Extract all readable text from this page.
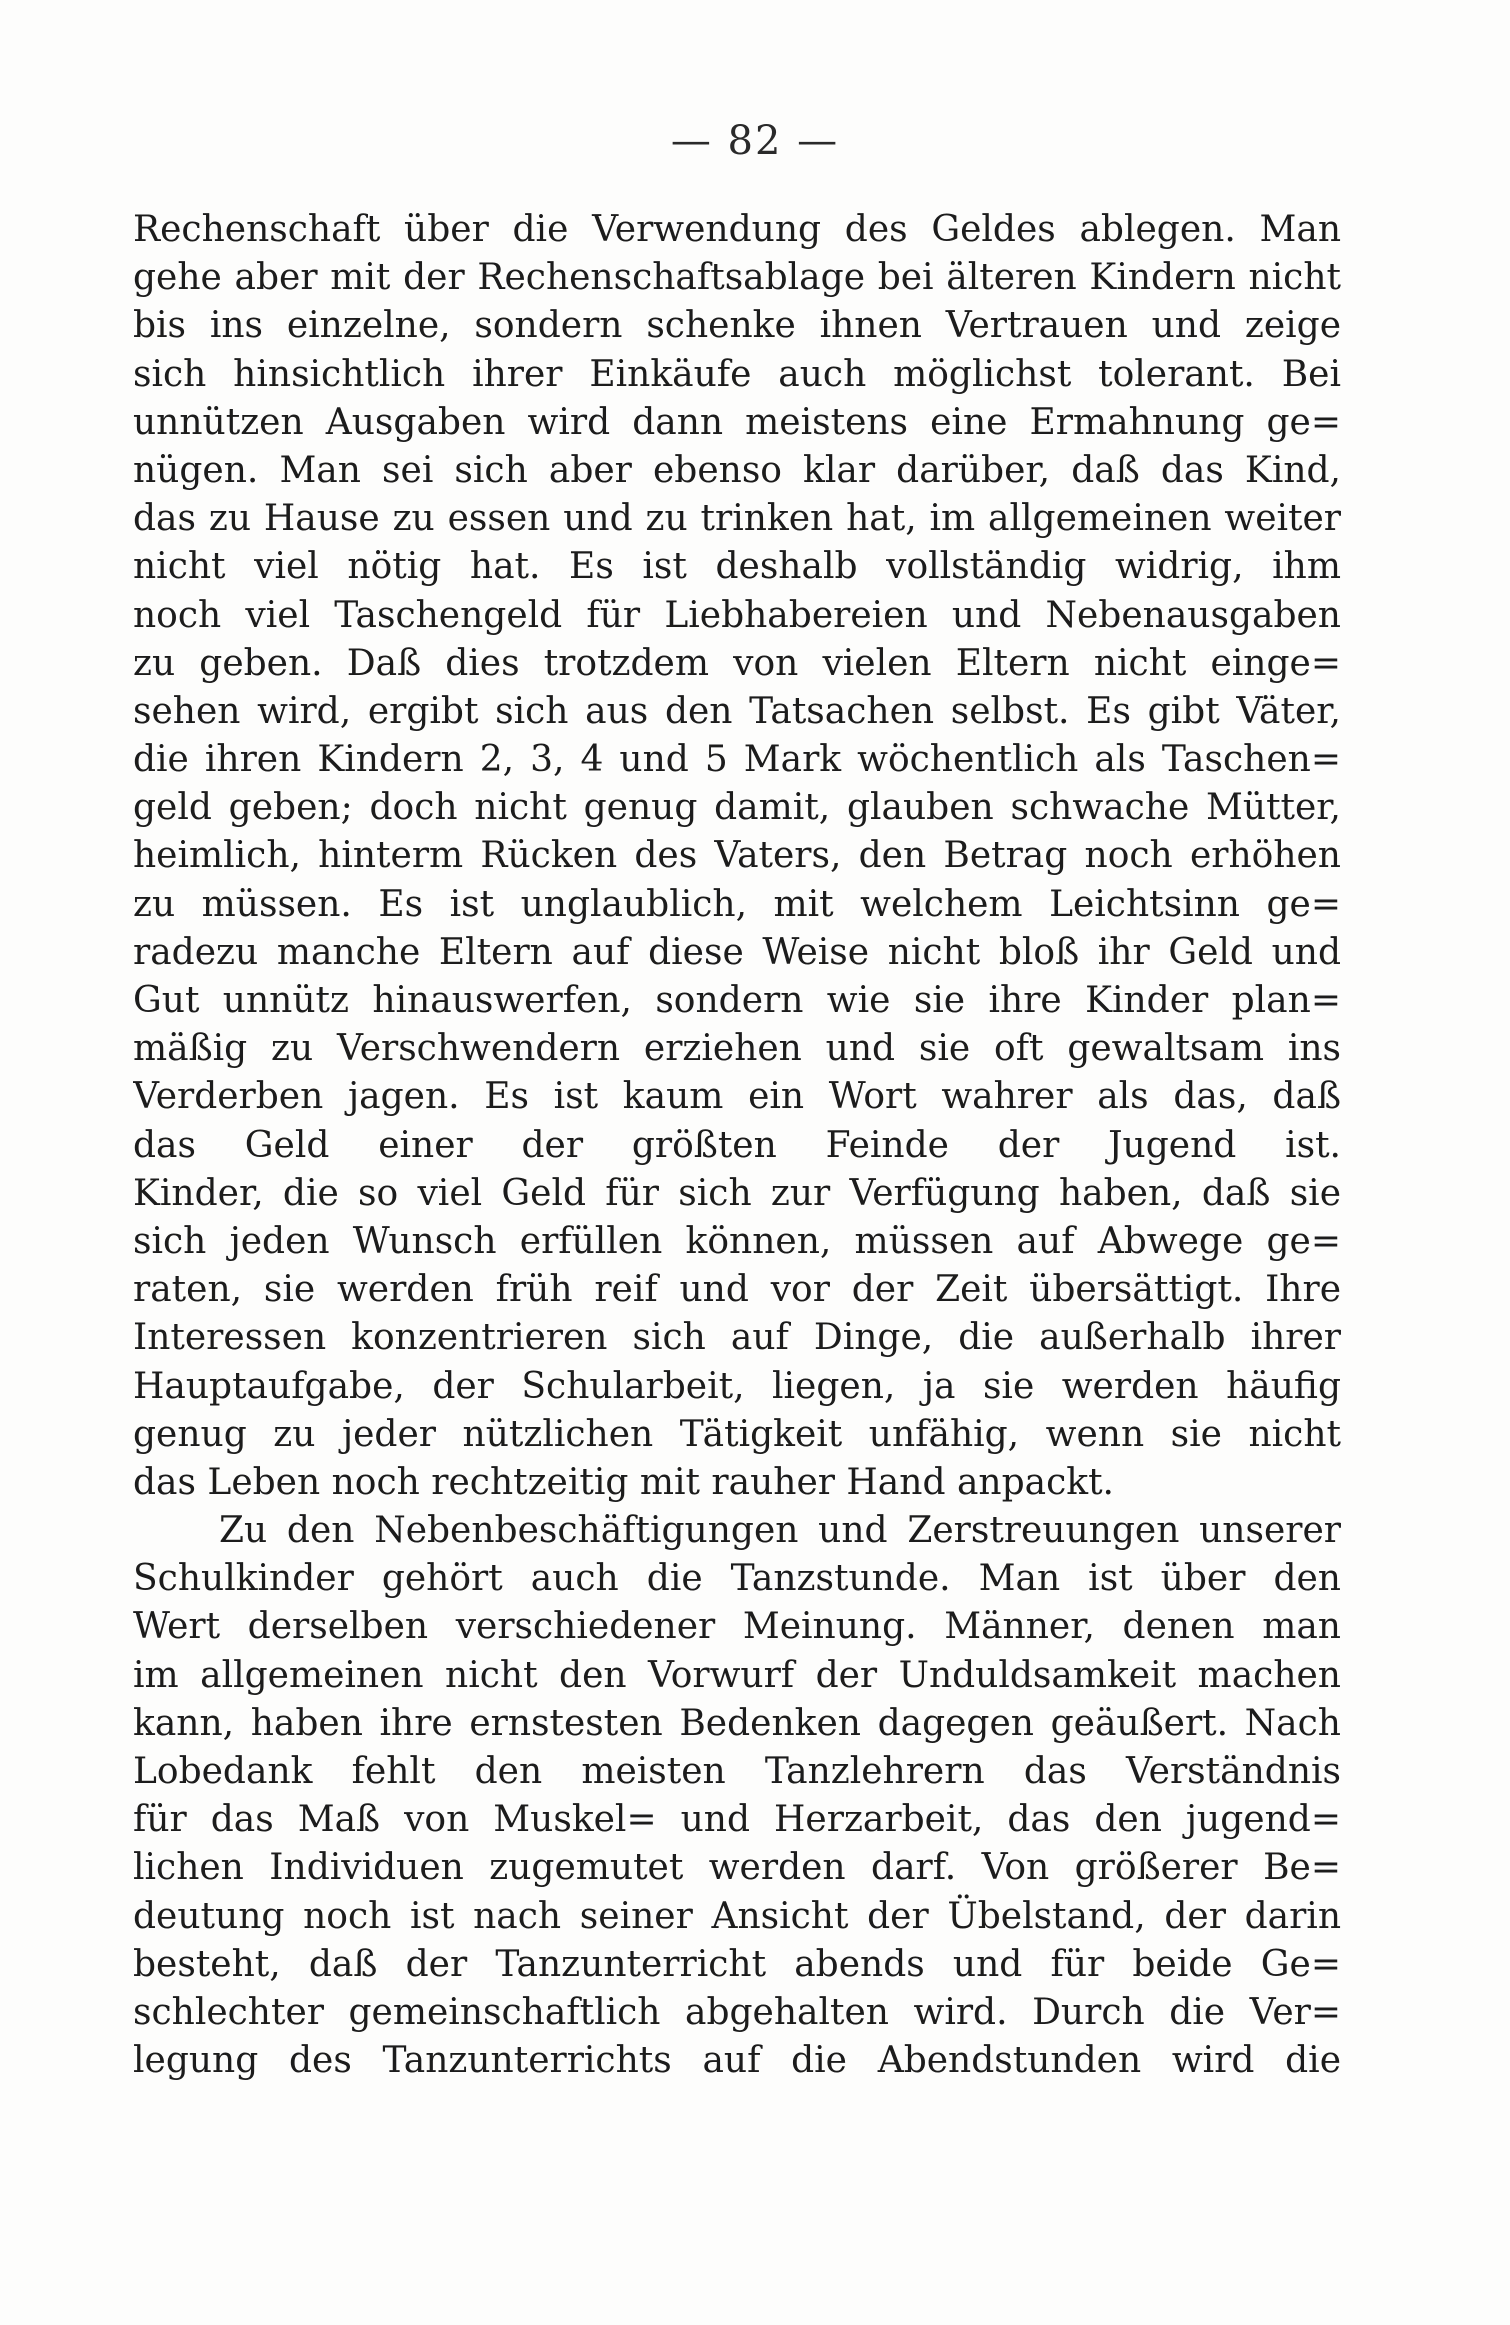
— 82 —
Rechenschaft über die Verwendung des Geldes ablegen. Man
gehe aber mit der Rechenschaftsablage bei älteren Kindern nicht
bis ins einzelne, sondern schenke ihnen Vertrauen und zeige
sich hinsichtlich ihrer Einkäufe auch möglichst tolerant. Bei
unnützen Ausgaben wird dann meistens eine Ermahnung ge=
nügen. Man sei sich aber ebenso klar darüber, daß das Kind,
das zu Hause zu essen und zu trinken hat, im allgemeinen weiter
nicht viel nötig hat. Es ist deshalb vollständig widrig, ihm
noch viel Taschengeld für Liebhabereien und Nebenausgaben
zu geben. Daß dies trotzdem von vielen Eltern nicht einge=
sehen wird, ergibt sich aus den Tatsachen selbst. Es gibt Väter,
die ihren Kindern 2, 3, 4 und 5 Mark wöchentlich als Taschen=
geld geben; doch nicht genug damit, glauben schwache Mütter,
heimlich, hinterm Rücken des Vaters, den Betrag noch erhöhen
zu müssen. Es ist unglaublich, mit welchem Leichtsinn ge=
radezu manche Eltern auf diese Weise nicht bloß ihr Geld und
Gut unnütz hinauswerfen, sondern wie sie ihre Kinder plan=
mäßig zu Verschwendern erziehen und sie oft gewaltsam ins
Verderben jagen. Es ist kaum ein Wort wahrer als das, daß
das Geld einer der größten Feinde der Jugend ist.
Kinder, die so viel Geld für sich zur Verfügung haben, daß sie
sich jeden Wunsch erfüllen können, müssen auf Abwege ge=
raten, sie werden früh reif und vor der Zeit übersättigt. Ihre
Interessen konzentrieren sich auf Dinge, die außerhalb ihrer
Hauptaufgabe, der Schularbeit, liegen, ja sie werden häufig
genug zu jeder nützlichen Tätigkeit unfähig, wenn sie nicht
das Leben noch rechtzeitig mit rauher Hand anpackt.
Zu den Nebenbeschäftigungen und Zerstreuungen unserer
Schulkinder gehört auch die Tanzstunde. Man ist über den
Wert derselben verschiedener Meinung. Männer, denen man
im allgemeinen nicht den Vorwurf der Unduldsamkeit machen
kann, haben ihre ernstesten Bedenken dagegen geäußert. Nach
Lobedank fehlt den meisten Tanzlehrern das Verständnis
für das Maß von Muskel= und Herzarbeit, das den jugend=
lichen Individuen zugemutet werden darf. Von größerer Be=
deutung noch ist nach seiner Ansicht der Übelstand, der darin
besteht, daß der Tanzunterricht abends und für beide Ge=
schlechter gemeinschaftlich abgehalten wird. Durch die Ver=
legung des Tanzunterrichts auf die Abendstunden wird die
